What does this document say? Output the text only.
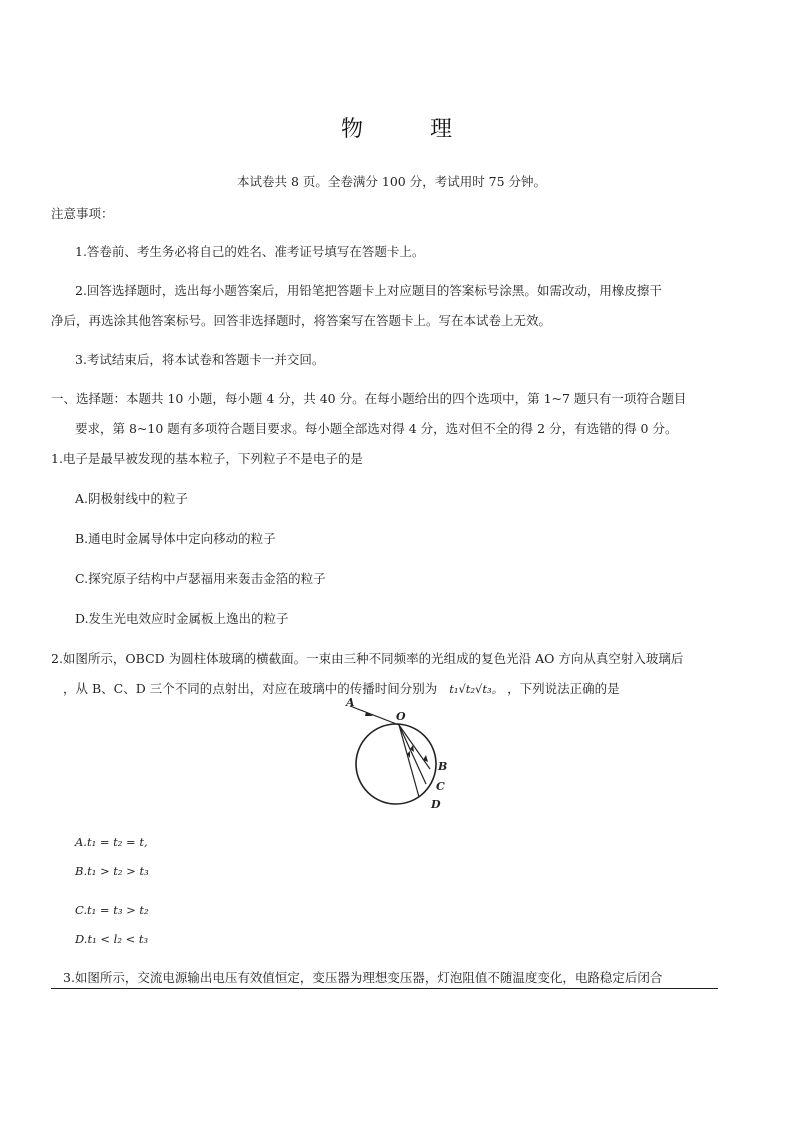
物 理
本试卷共 8 页。全卷满分 100 分，考试用时 75 分钟。
注意事项：
1.答卷前、考生务必将自己的姓名、准考证号填写在答题卡上。
2.回答选择题时，选出每小题答案后，用铅笔把答题卡上对应题目的答案标号涂黑。如需改动，用橡皮擦干
净后，再选涂其他答案标号。回答非选择题时，将答案写在答题卡上。写在本试卷上无效。
3.考试结束后，将本试卷和答题卡一并交回。
一、选择题：本题共 10 小题，每小题 4 分，共 40 分。在每小题给出的四个选项中，第 1~7 题只有一项符合题目
要求，第 8~10 题有多项符合题目要求。每小题全部选对得 4 分，选对但不全的得 2 分，有选错的得 0 分。
1.电子是最早被发现的基本粒子，下列粒子不是电子的是
A.阴极射线中的粒子
B.通电时金属导体中定向移动的粒子
C.探究原子结构中卢瑟福用来轰击金箔的粒子
D.发生光电效应时金属板上逸出的粒子
2.如图所示，OBCD 为圆柱体玻璃的横截面。一束由三种不同频率的光组成的复色光沿 AO 方向从真空射入玻璃后
，从 B、C、D 三个不同的点射出，对应在玻璃中的传播时间分别为 t₁√t₂√t₃。 ，下列说法正确的是
A
O
B
C
D
A.t₁ = t₂ = t,
B.t₁ > t₂ > t₃
C.t₁ = t₃ > t₂
D.t₁ < l₂ < t₃
3.如图所示，交流电源输出电压有效值恒定，变压器为理想变压器，灯泡阻值不随温度变化，电路稳定后闭合
